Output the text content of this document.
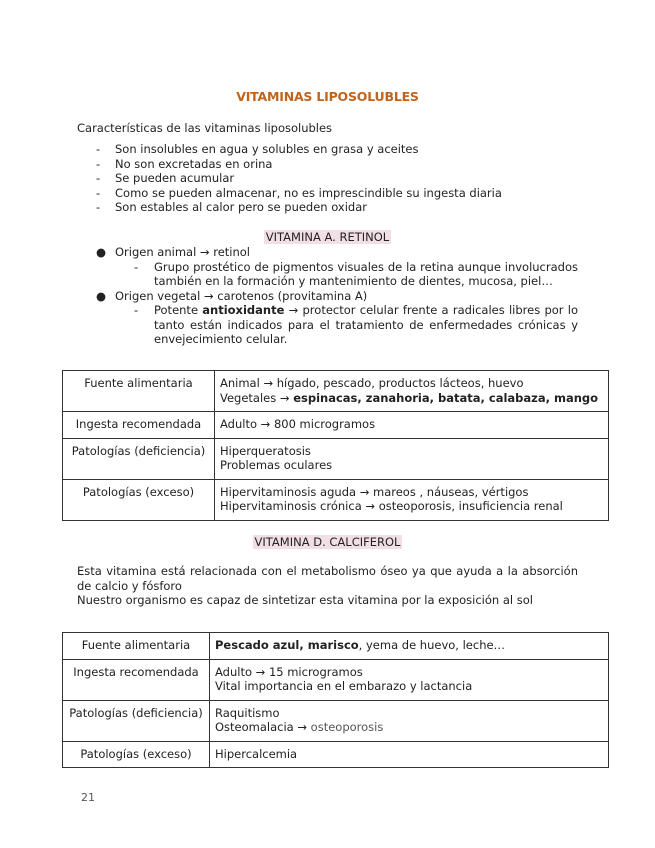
VITAMINAS LIPOSOLUBLES
Características de las vitaminas liposolubles
- Son insolubles en agua y solubles en grasa y aceites
- No son excretadas en orina
- Se pueden acumular
- Como se pueden almacenar, no es imprescindible su ingesta diaria
- Son estables al calor pero se pueden oxidar
VITAMINA A. RETINOL
● Origen animal → retinol
- Grupo prostético de pigmentos visuales de la retina aunque involucrados también en la formación y mantenimiento de dientes, mucosa, piel…
● Origen vegetal → carotenos (provitamina A)
- Potente antioxidante → protector celular frente a radicales libres por lo tanto están indicados para el tratamiento de enfermedades crónicas y envejecimiento celular.
Fuente alimentaria	Animal → hígado, pescado, productos lácteos, huevo
Vegetales → espinacas, zanahoria, batata, calabaza, mango

Ingesta recomendada	Adulto → 800 microgramos

Patologías (deficiencia)	Hiperqueratosis
Problemas oculares

Patologías (exceso)	Hipervitaminosis aguda → mareos , náuseas, vértigos
Hipervitaminosis crónica → osteoporosis, insuficiencia renal
VITAMINA D. CALCIFEROL
Esta vitamina está relacionada con el metabolismo óseo ya que ayuda a la absorción de calcio y fósforo
Nuestro organismo es capaz de sintetizar esta vitamina por la exposición al sol
Fuente alimentaria	Pescado azul, marisco, yema de huevo, leche…
Ingesta recomendada	Adulto → 15 microgramos
Vital importancia en el embarazo y lactancia

Patologías (deficiencia)	Raquitismo
Osteomalacia → osteoporosis

Patologías (exceso)	Hipercalcemia
21
